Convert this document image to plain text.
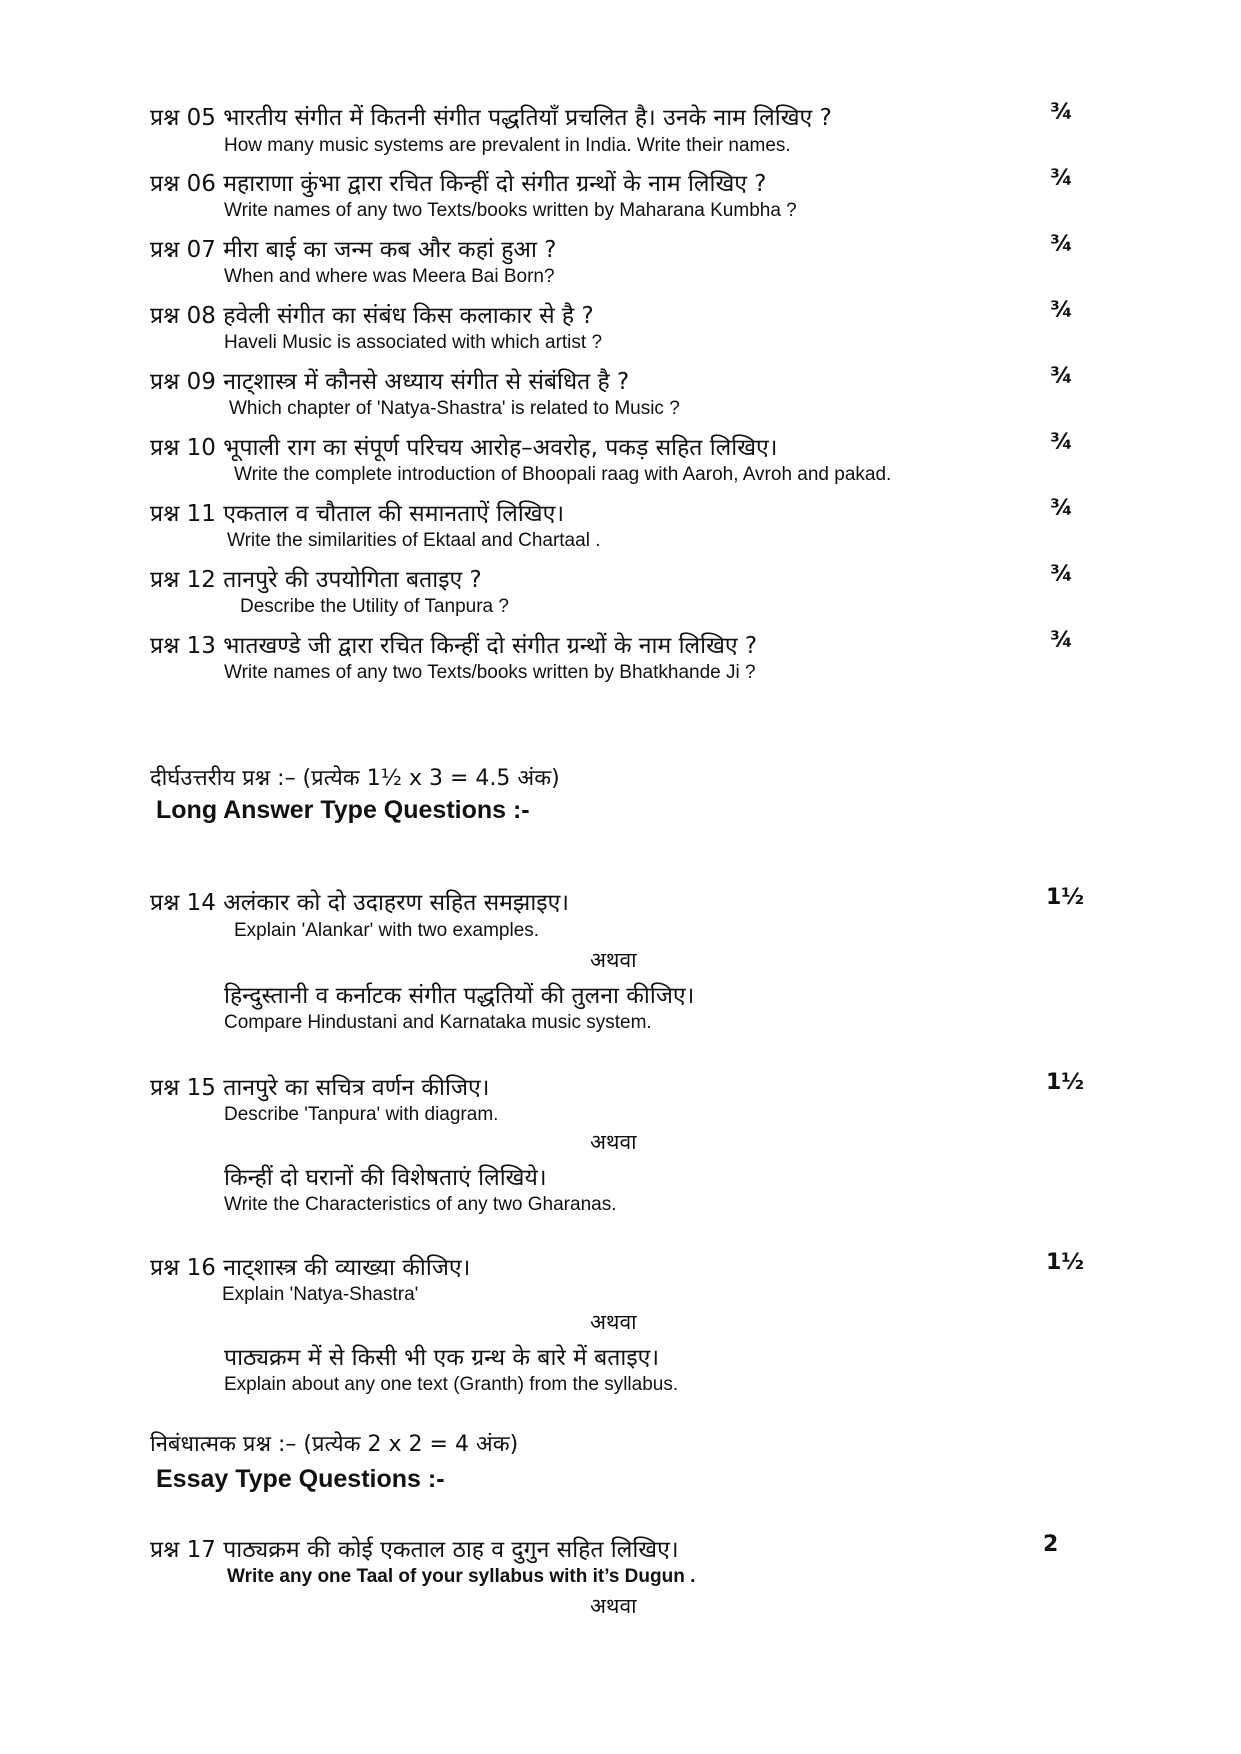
प्रश्न 05 भारतीय संगीत में कितनी संगीत पद्धतियाँ प्रचलित है। उनके नाम लिखिए ?
How many music systems are prevalent in India. Write their names.
¾
प्रश्न 06 महाराणा कुंभा द्वारा रचित किन्हीं दो संगीत ग्रन्थों के नाम लिखिए ?
Write names of any two Texts/books written by Maharana Kumbha ?
¾
प्रश्न 07 मीरा बाई का जन्म कब और कहां हुआ ?
When and where was Meera Bai Born?
¾
प्रश्न 08 हवेली संगीत का संबंध किस कलाकार से है ?
Haveli Music is associated with which artist ?
¾
प्रश्न 09 नाट्शास्त्र में कौनसे अध्याय संगीत से संबंधित है ?
Which chapter of 'Natya-Shastra' is related to Music ?
¾
प्रश्न 10 भूपाली राग का संपूर्ण परिचय आरोह–अवरोह, पकड़ सहित लिखिए।
Write the complete introduction of Bhoopali raag with Aaroh, Avroh and pakad.
¾
प्रश्न 11 एकताल व चौताल की समानताऐं लिखिए।
Write the similarities of Ektaal and Chartaal .
¾
प्रश्न 12 तानपुरे की उपयोगिता बताइए ?
Describe the Utility of Tanpura ?
¾
प्रश्न 13 भातखण्डे जी द्वारा रचित किन्हीं दो संगीत ग्रन्थों के नाम लिखिए ?
Write names of any two Texts/books written by Bhatkhande Ji ?
¾
दीर्घउत्तरीय प्रश्न :– (प्रत्येक 1½ x 3 = 4.5 अंक)
Long Answer Type Questions :-
प्रश्न 14 अलंकार को दो उदाहरण सहित समझाइए।
Explain 'Alankar' with two examples.
1½
अथवा
हिन्दुस्तानी व कर्नाटक संगीत पद्धतियों की तुलना कीजिए।
Compare Hindustani and Karnataka music system.
प्रश्न 15 तानपुरे का सचित्र वर्णन कीजिए।
Describe 'Tanpura' with diagram.
1½
अथवा
किन्हीं दो घरानों की विशेषताएं लिखिये।
Write the Characteristics of any two Gharanas.
प्रश्न 16 नाट्शास्त्र की व्याख्या कीजिए।
Explain 'Natya-Shastra'
1½
अथवा
पाठ्यक्रम में से किसी भी एक ग्रन्थ के बारे में बताइए।
Explain about any one text (Granth) from the syllabus.
निबंधात्मक प्रश्न :– (प्रत्येक 2 x 2 = 4 अंक)
Essay Type Questions :-
प्रश्न 17 पाठ्यक्रम की कोई एकताल ठाह व दुगुन सहित लिखिए।
Write any one Taal of your syllabus with it’s Dugun .
2
अथवा
